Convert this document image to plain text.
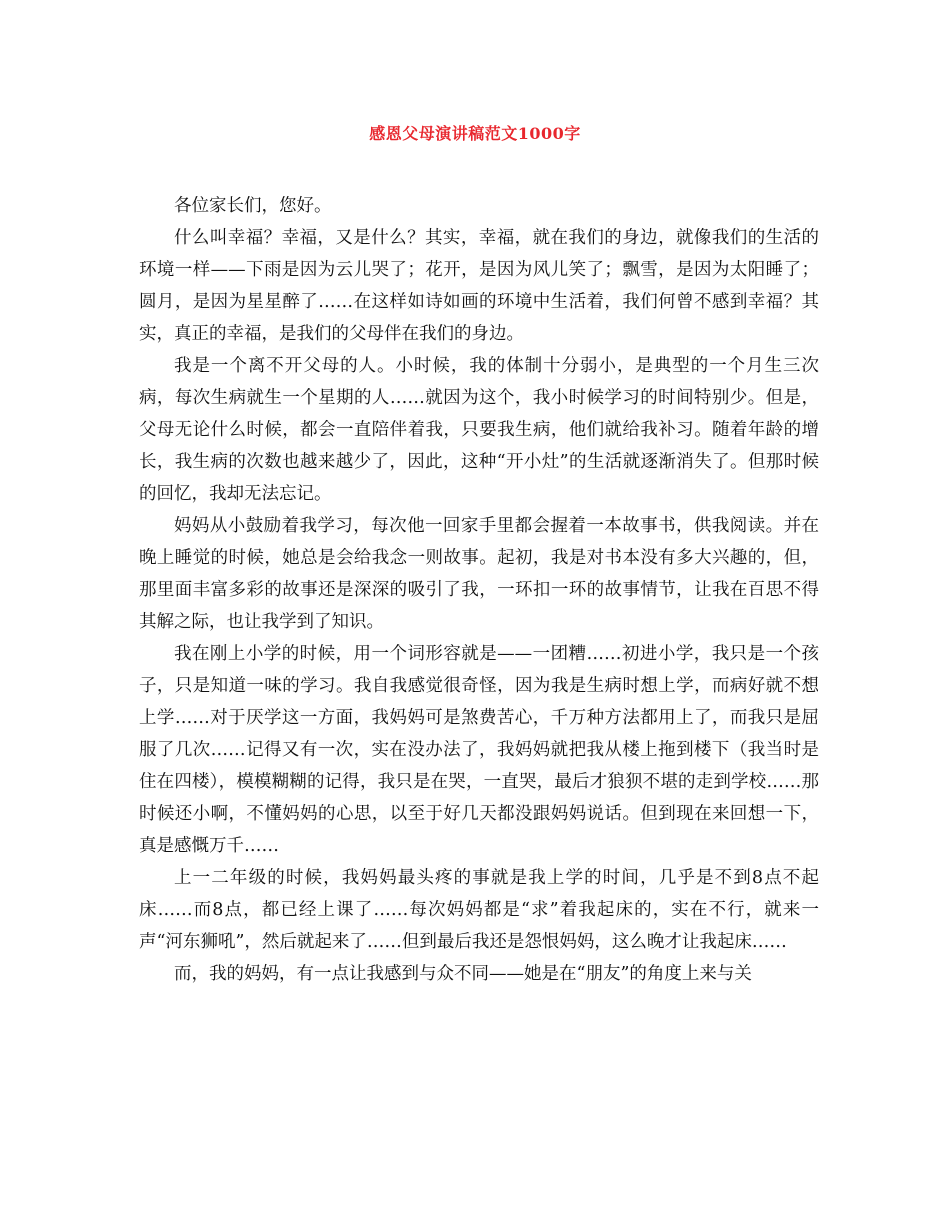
感恩父母演讲稿范文1000字

各位家长们，您好。

什么叫幸福？幸福，又是什么？其实，幸福，就在我们的身边，就像我们的生活的环境一样——下雨是因为云儿哭了；花开，是因为风儿笑了；飘雪，是因为太阳睡了；圆月，是因为星星醉了……在这样如诗如画的环境中生活着，我们何曾不感到幸福？其实，真正的幸福，是我们的父母伴在我们的身边。

我是一个离不开父母的人。小时候，我的体制十分弱小，是典型的一个月生三次病，每次生病就生一个星期的人……就因为这个，我小时候学习的时间特别少。但是，父母无论什么时候，都会一直陪伴着我，只要我生病，他们就给我补习。随着年龄的增长，我生病的次数也越来越少了，因此，这种“开小灶”的生活就逐渐消失了。但那时候的回忆，我却无法忘记。

妈妈从小鼓励着我学习，每次他一回家手里都会握着一本故事书，供我阅读。并在晚上睡觉的时候，她总是会给我念一则故事。起初，我是对书本没有多大兴趣的，但，那里面丰富多彩的故事还是深深的吸引了我，一环扣一环的故事情节，让我在百思不得其解之际，也让我学到了知识。

我在刚上小学的时候，用一个词形容就是——一团糟……初进小学，我只是一个孩子，只是知道一味的学习。我自我感觉很奇怪，因为我是生病时想上学，而病好就不想上学……对于厌学这一方面，我妈妈可是煞费苦心，千万种方法都用上了，而我只是屈服了几次……记得又有一次，实在没办法了，我妈妈就把我从楼上拖到楼下（我当时是住在四楼），模模糊糊的记得，我只是在哭，一直哭，最后才狼狈不堪的走到学校……那时候还小啊，不懂妈妈的心思，以至于好几天都没跟妈妈说话。但到现在来回想一下，真是感慨万千……

上一二年级的时候，我妈妈最头疼的事就是我上学的时间，几乎是不到8点不起床……而8点，都已经上课了……每次妈妈都是“求”着我起床的，实在不行，就来一声“河东狮吼”，然后就起来了……但到最后我还是怨恨妈妈，这么晚才让我起床……

而，我的妈妈，有一点让我感到与众不同——她是在“朋友”的角度上来与关
